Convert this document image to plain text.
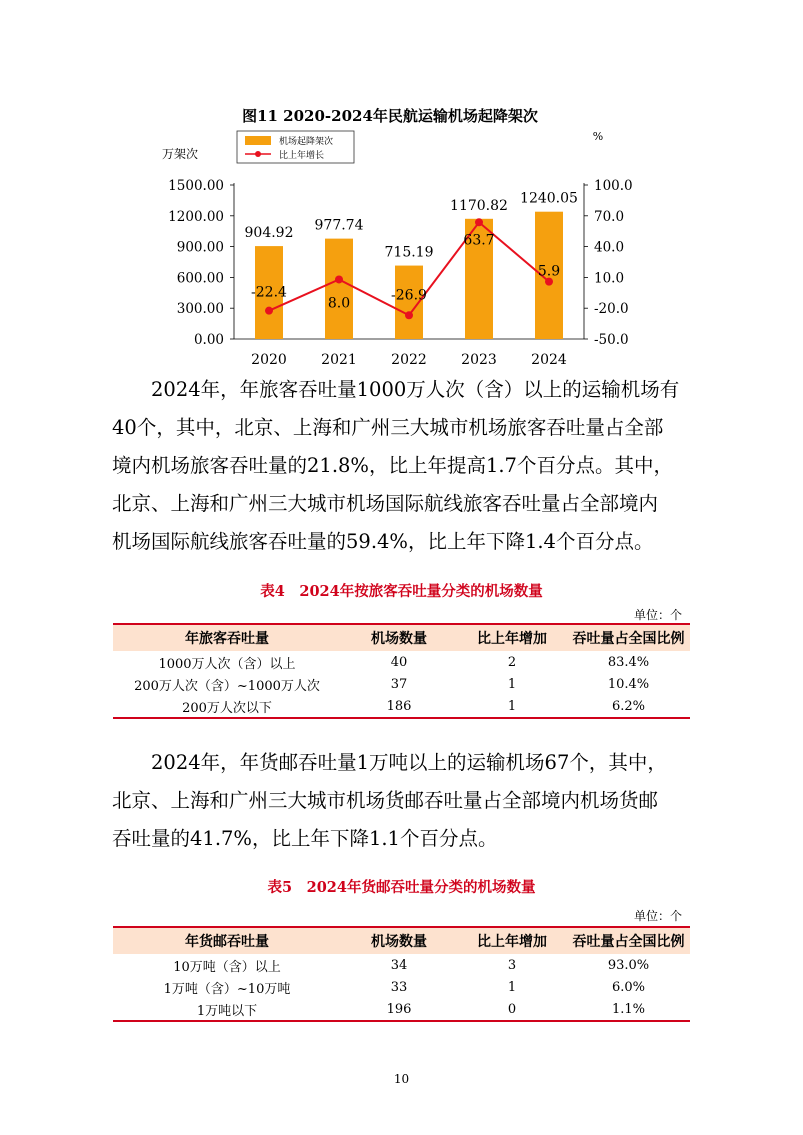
图11 2020-2024年民航运输机场起降架次
万架次
%
机场起降架次
比上年增长
1500.00
1200.00
900.00
600.00
300.00
0.00
100.0
70.0
40.0
10.0
-20.0
-50.0
904.92 977.74
715.19
1170.82 1240.05
2020 2021 2022 2023 2024
-22.4
8.0
-26.9
63.7
5.9

2024年，年旅客吞吐量1000万人次（含）以上的运输机场有

40个，其中，北京、上海和广州三大城市机场旅客吞吐量占全部

境内机场旅客吞吐量的21.8%，比上年提高1.7个百分点。其中，

北京、上海和广州三大城市机场国际航线旅客吞吐量占全部境内

机场国际航线旅客吞吐量的59.4%，比上年下降1.4个百分点。

表4　2024年按旅客吞吐量分类的机场数量
单位：个
年旅客吞吐量	机场数量	比上年增加	吞吐量占全国比例
1000万人次（含）以上	40	2	83.4%
200万人次（含）~1000万人次	37	1	10.4%
200万人次以下	186	1	6.2%

2024年，年货邮吞吐量1万吨以上的运输机场67个，其中，

北京、上海和广州三大城市机场货邮吞吐量占全部境内机场货邮

吞吐量的41.7%，比上年下降1.1个百分点。

表5　2024年货邮吞吐量分类的机场数量
单位：个
年货邮吞吐量	机场数量	比上年增加	吞吐量占全国比例
10万吨（含）以上	34	3	93.0%
1万吨（含）~10万吨	33	1	6.0%
1万吨以下	196	0	1.1%
10
